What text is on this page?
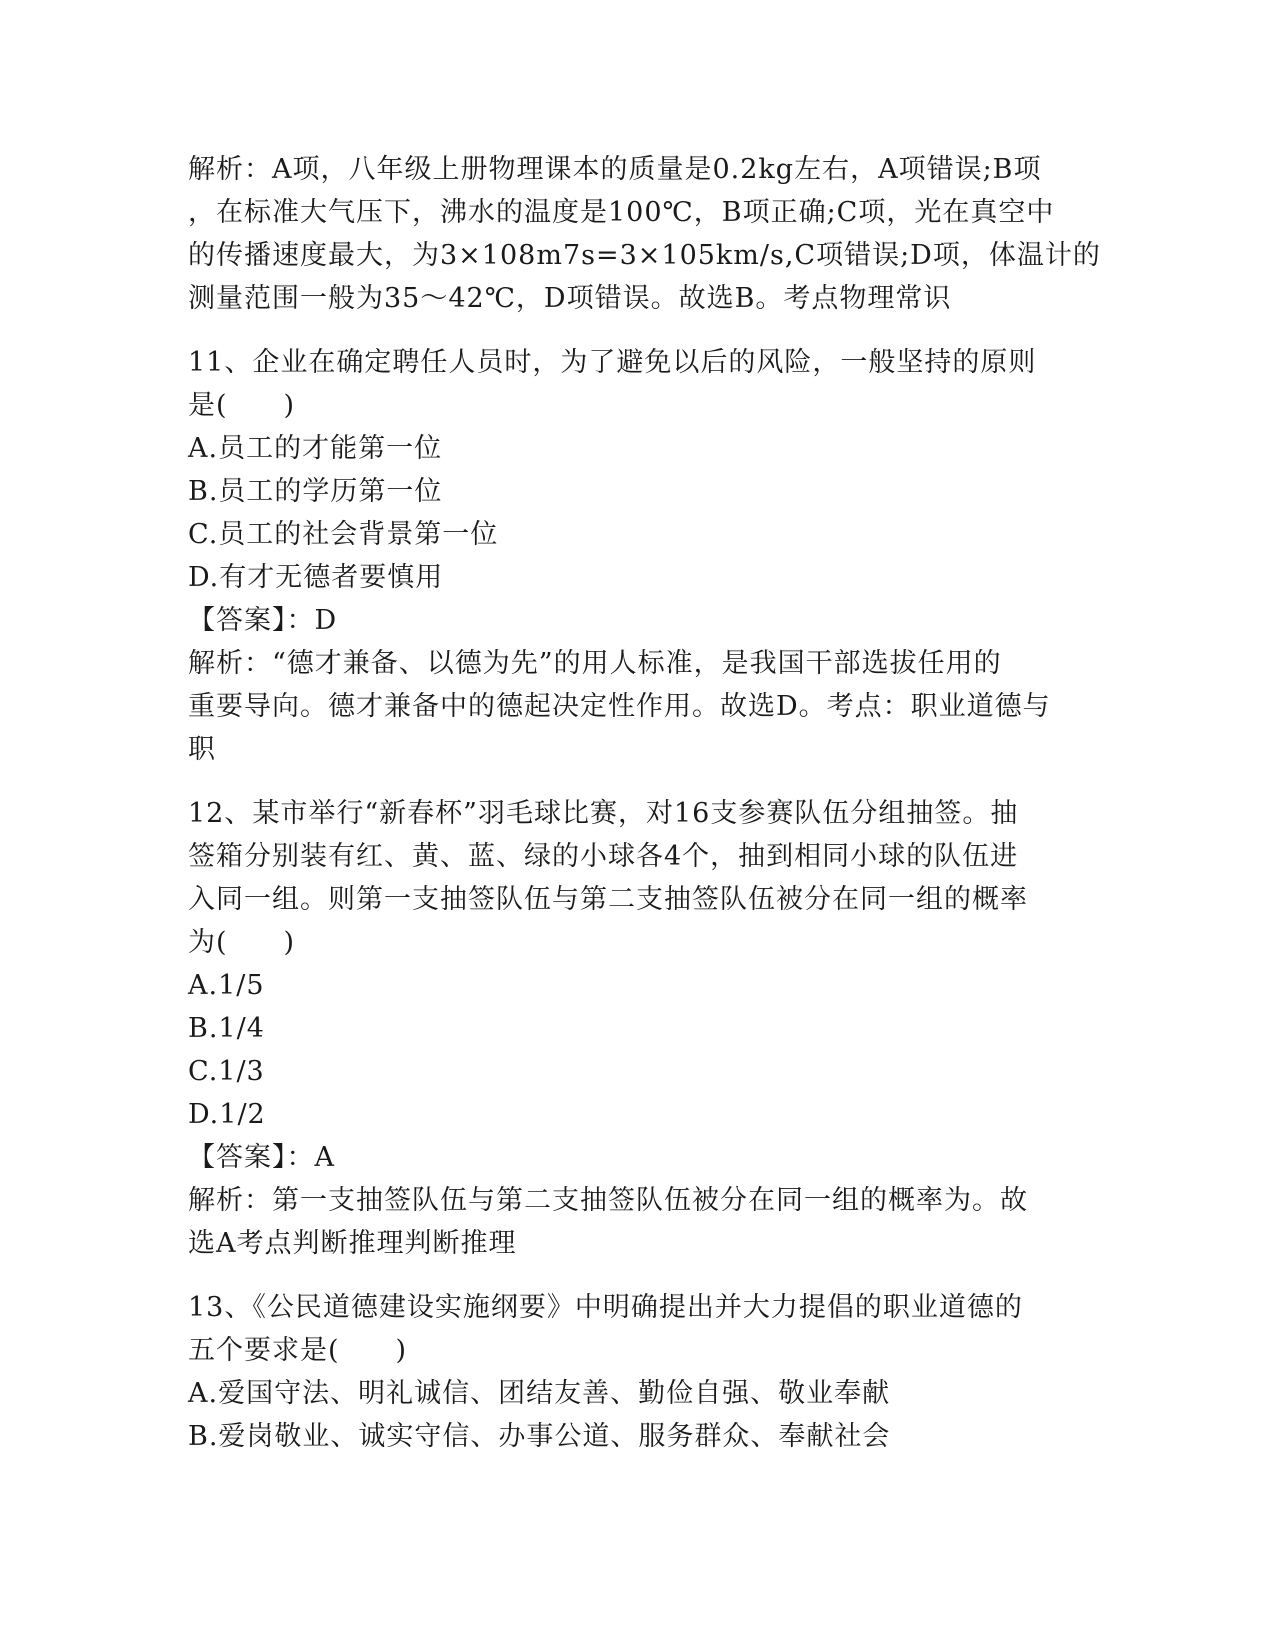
解析：A项，八年级上册物理课本的质量是0.2kg左右，A项错误;B项
，在标准大气压下，沸水的温度是100℃，B项正确;C项，光在真空中
的传播速度最大，为3×108m7s=3×105km/s,C项错误;D项，体温计的
测量范围一般为35～42℃，D项错误。故选B。考点物理常识
11、企业在确定聘任人员时，为了避免以后的风险，一般坚持的原则
是(　　)
A.员工的才能第一位
B.员工的学历第一位
C.员工的社会背景第一位
D.有才无德者要慎用
【答案】：D
解析：“德才兼备、以德为先”的用人标准，是我国干部选拔任用的
重要导向。德才兼备中的德起决定性作用。故选D。考点：职业道德与
职
12、某市举行“新春杯”羽毛球比赛，对16支参赛队伍分组抽签。抽
签箱分别装有红、黄、蓝、绿的小球各4个，抽到相同小球的队伍进
入同一组。则第一支抽签队伍与第二支抽签队伍被分在同一组的概率
为(　　)
A.1/5
B.1/4
C.1/3
D.1/2
【答案】：A
解析：第一支抽签队伍与第二支抽签队伍被分在同一组的概率为。故
选A考点判断推理判断推理
13、《公民道德建设实施纲要》中明确提出并大力提倡的职业道德的
五个要求是(　　)
A.爱国守法、明礼诚信、团结友善、勤俭自强、敬业奉献
B.爱岗敬业、诚实守信、办事公道、服务群众、奉献社会
